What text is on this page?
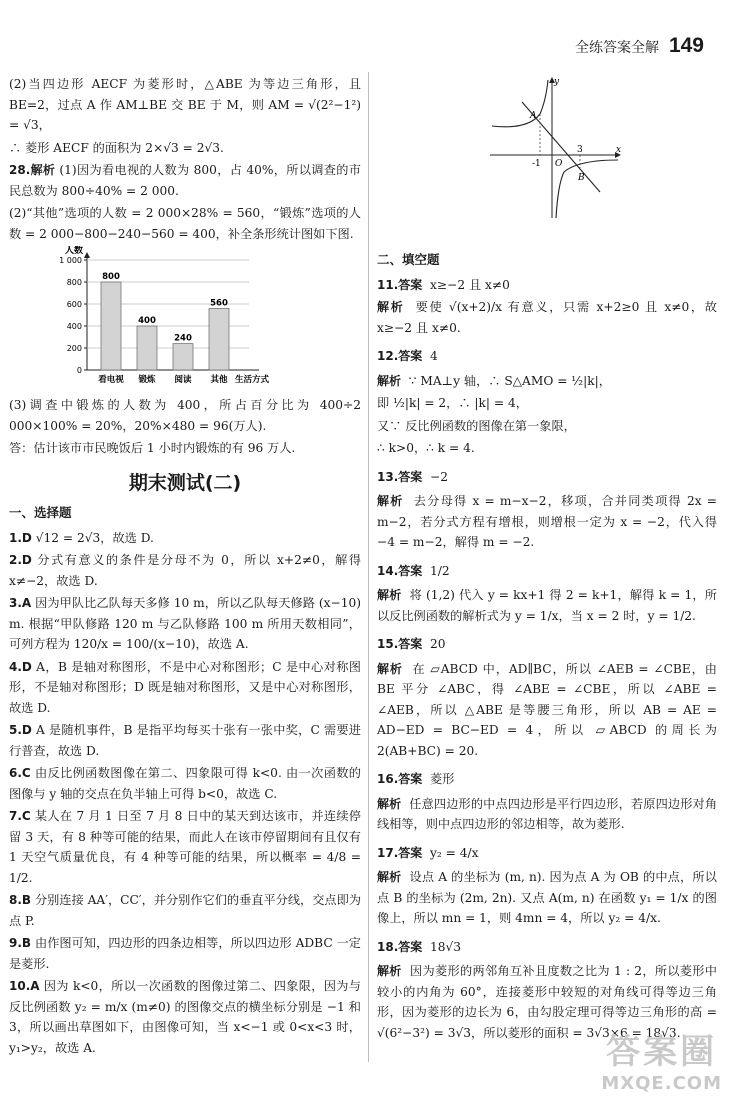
全练答案全解 149

(2)当四边形 AECF 为菱形时，△ABE 为等边三角形，且 BE=2，过点 A 作 AM⊥BE 交 BE 于 M，则 AM = √(2²−1²) = √3，

∴ 菱形 AECF 的面积为 2×√3 = 2√3.

28.解析 (1)因为看电视的人数为 800，占 40%，所以调查的市民总数为 800÷40% = 2 000.

(2)“其他”选项的人数 = 2 000×28% = 560，“锻炼”选项的人数 = 2 000−800−240−560 = 400，补全条形统计图如下图.

人数
0
200
400
600
800
1 000
800
看电视
400
锻炼
240
阅读
560
其他 生活方式

(3)调查中锻炼的人数为 400，所占百分比为 400÷2 000×100% = 20%，20%×480 = 96(万人).

答：估计该市市民晚饭后 1 小时内锻炼的有 96 万人.

期末测试(二)
一、选择题

1.D √12 = 2√3，故选 D.

2.D 分式有意义的条件是分母不为 0，所以 x+2≠0，解得 x≠−2，故选 D.

3.A 因为甲队比乙队每天多修 10 m，所以乙队每天修路 (x−10) m. 根据“甲队修路 120 m 与乙队修路 100 m 所用天数相同”，可列方程为 120/x = 100/(x−10)，故选 A.

4.D A，B 是轴对称图形，不是中心对称图形；C 是中心对称图形，不是轴对称图形；D 既是轴对称图形，又是中心对称图形，故选 D.

5.D A 是随机事件，B 是指平均每买十张有一张中奖，C 需要进行普查，故选 D.

6.C 由反比例函数图像在第二、四象限可得 k<0. 由一次函数的图像与 y 轴的交点在负半轴上可得 b<0，故选 C.

7.C 某人在 7 月 1 日至 7 月 8 日中的某天到达该市，并连续停留 3 天，有 8 种等可能的结果，而此人在该市停留期间有且仅有 1 天空气质量优良，有 4 种等可能的结果，所以概率 = 4/8 = 1/2.

8.B 分别连接 AA′，CC′，并分别作它们的垂直平分线，交点即为点 P.

9.B 由作图可知，四边形的四条边相等，所以四边形 ADBC 一定是菱形.

10.A 因为 k<0，所以一次函数的图像过第二、四象限，因为与反比例函数 y₂ = m/x (m≠0) 的图像交点的横坐标分别是 −1 和 3，所以画出草图如下，由图像可知，当 x<−1 或 0<x<3 时，y₁>y₂，故选 A.

y
x
O
A
B
-1
3
二、填空题

11.答案 x≥−2 且 x≠0

解析 要使 √(x+2)/x 有意义，只需 x+2≥0 且 x≠0，故 x≥−2 且 x≠0.

12.答案 4

解析 ∵ MA⊥y 轴，∴ S△AMO = ½|k|，

即 ½|k| = 2，∴ |k| = 4，

又∵ 反比例函数的图像在第一象限，

∴ k>0，∴ k = 4.

13.答案 −2

解析 去分母得 x = m−x−2，移项，合并同类项得 2x = m−2，若分式方程有增根，则增根一定为 x = −2，代入得 −4 = m−2，解得 m = −2.

14.答案 1/2

解析 将 (1,2) 代入 y = kx+1 得 2 = k+1，解得 k = 1，所以反比例函数的解析式为 y = 1/x，当 x = 2 时，y = 1/2.

15.答案 20

解析 在 ▱ABCD 中，AD∥BC，所以 ∠AEB = ∠CBE，由 BE 平分 ∠ABC，得 ∠ABE = ∠CBE，所以 ∠ABE = ∠AEB，所以 △ABE 是等腰三角形，所以 AB = AE = AD−ED = BC−ED = 4，所以 ▱ABCD 的周长为 2(AB+BC) = 20.

16.答案 菱形

解析 任意四边形的中点四边形是平行四边形，若原四边形对角线相等，则中点四边形的邻边相等，故为菱形.

17.答案 y₂ = 4/x

解析 设点 A 的坐标为 (m, n). 因为点 A 为 OB 的中点，所以点 B 的坐标为 (2m, 2n). 又点 A(m, n) 在函数 y₁ = 1/x 的图像上，所以 mn = 1，则 4mn = 4，所以 y₂ = 4/x.

18.答案 18√3

解析 因为菱形的两邻角互补且度数之比为 1 : 2，所以菱形中较小的内角为 60°，连接菱形中较短的对角线可得等边三角形，因为菱形的边长为 6，由勾股定理可得等边三角形的高 = √(6²−3²) = 3√3，所以菱形的面积 = 3√3×6 = 18√3.

答案圈
MXQE.COM
